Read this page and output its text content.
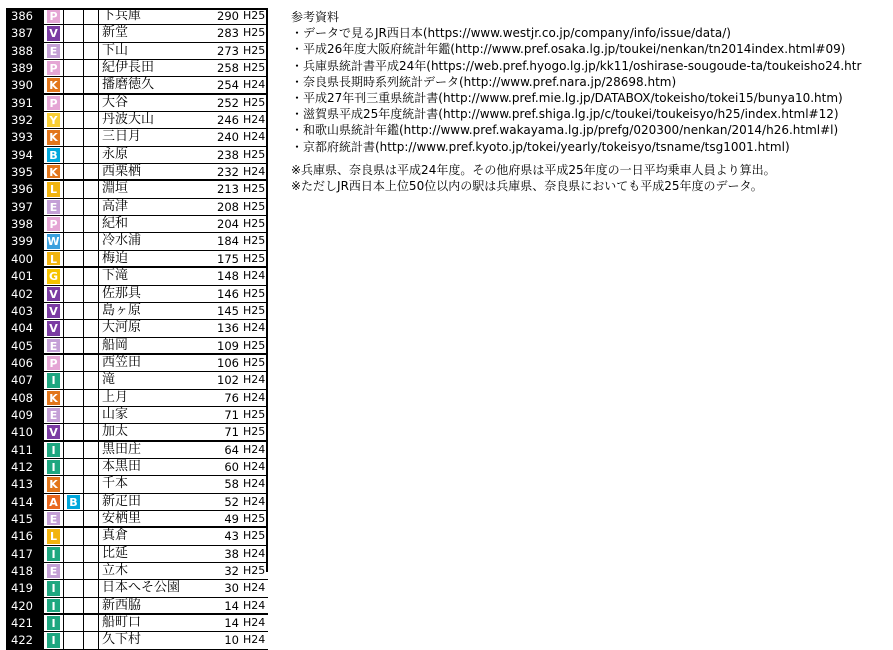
386	P	下兵庫	290 H25
387	V	新堂	283 H25
388	E	下山	273 H25
389	P	紀伊長田	258 H25
390	K	播磨徳久	254 H24
391	P	大谷	252 H25
392	Y	丹波大山	246 H24
393	K	三日月	240 H24
394	B	永原	238 H25
395	K	西栗栖	232 H24
396	L	淵垣	213 H25
397	E	高津	208 H25
398	P	紀和	204 H25
399	W	冷水浦	184 H25
400	L	梅迫	175 H25
401	G	下滝	148 H24
402	V	佐那具	146 H25
403	V	島ヶ原	145 H25
404	V	大河原	136 H24
405	E	船岡	109 H25
406	P	西笠田	106 H25
407	I	滝	102 H24
408	K	上月	76 H24
409	E	山家	71 H25
410	V	加太	71 H25
411	I	黒田庄	64 H24
412	I	本黒田	60 H24
413	K	千本	58 H24
414	A B 新疋田	52 H24
415	E	安栖里	49 H25
416	L	真倉	43 H25
417	I	比延	38 H24
418	E	立木	32 H25
419	I	日本へそ公園	30 H24
420	I	新西脇	14 H24
421	I	船町口	14 H24
422	I	久下村	10 H24
参考資料
・データで見るJR西日本(https://www.westjr.co.jp/company/info/issue/data/)
・平成26年度大阪府統計年鑑(http://www.pref.osaka.lg.jp/toukei/nenkan/tn2014index.html#09)
・兵庫県統計書平成24年(https://web.pref.hyogo.lg.jp/kk11/oshirase-sougoude-ta/toukeisho24.htr
・奈良県長期時系列統計データ(http://www.pref.nara.jp/28698.htm)
・平成27年刊三重県統計書(http://www.pref.mie.lg.jp/DATABOX/tokeisho/tokei15/bunya10.htm)
・滋賀県平成25年度統計書(http://www.pref.shiga.lg.jp/c/toukei/toukeisyo/h25/index.html#12)
・和歌山県統計年鑑(http://www.pref.wakayama.lg.jp/prefg/020300/nenkan/2014/h26.html#l)
・京都府統計書(http://www.pref.kyoto.jp/tokei/yearly/tokeisyo/tsname/tsg1001.html)
※兵庫県、奈良県は平成24年度。その他府県は平成25年度の一日平均乗車人員より算出。
※ただしJR西日本上位50位以内の駅は兵庫県、奈良県においても平成25年度のデータ。
